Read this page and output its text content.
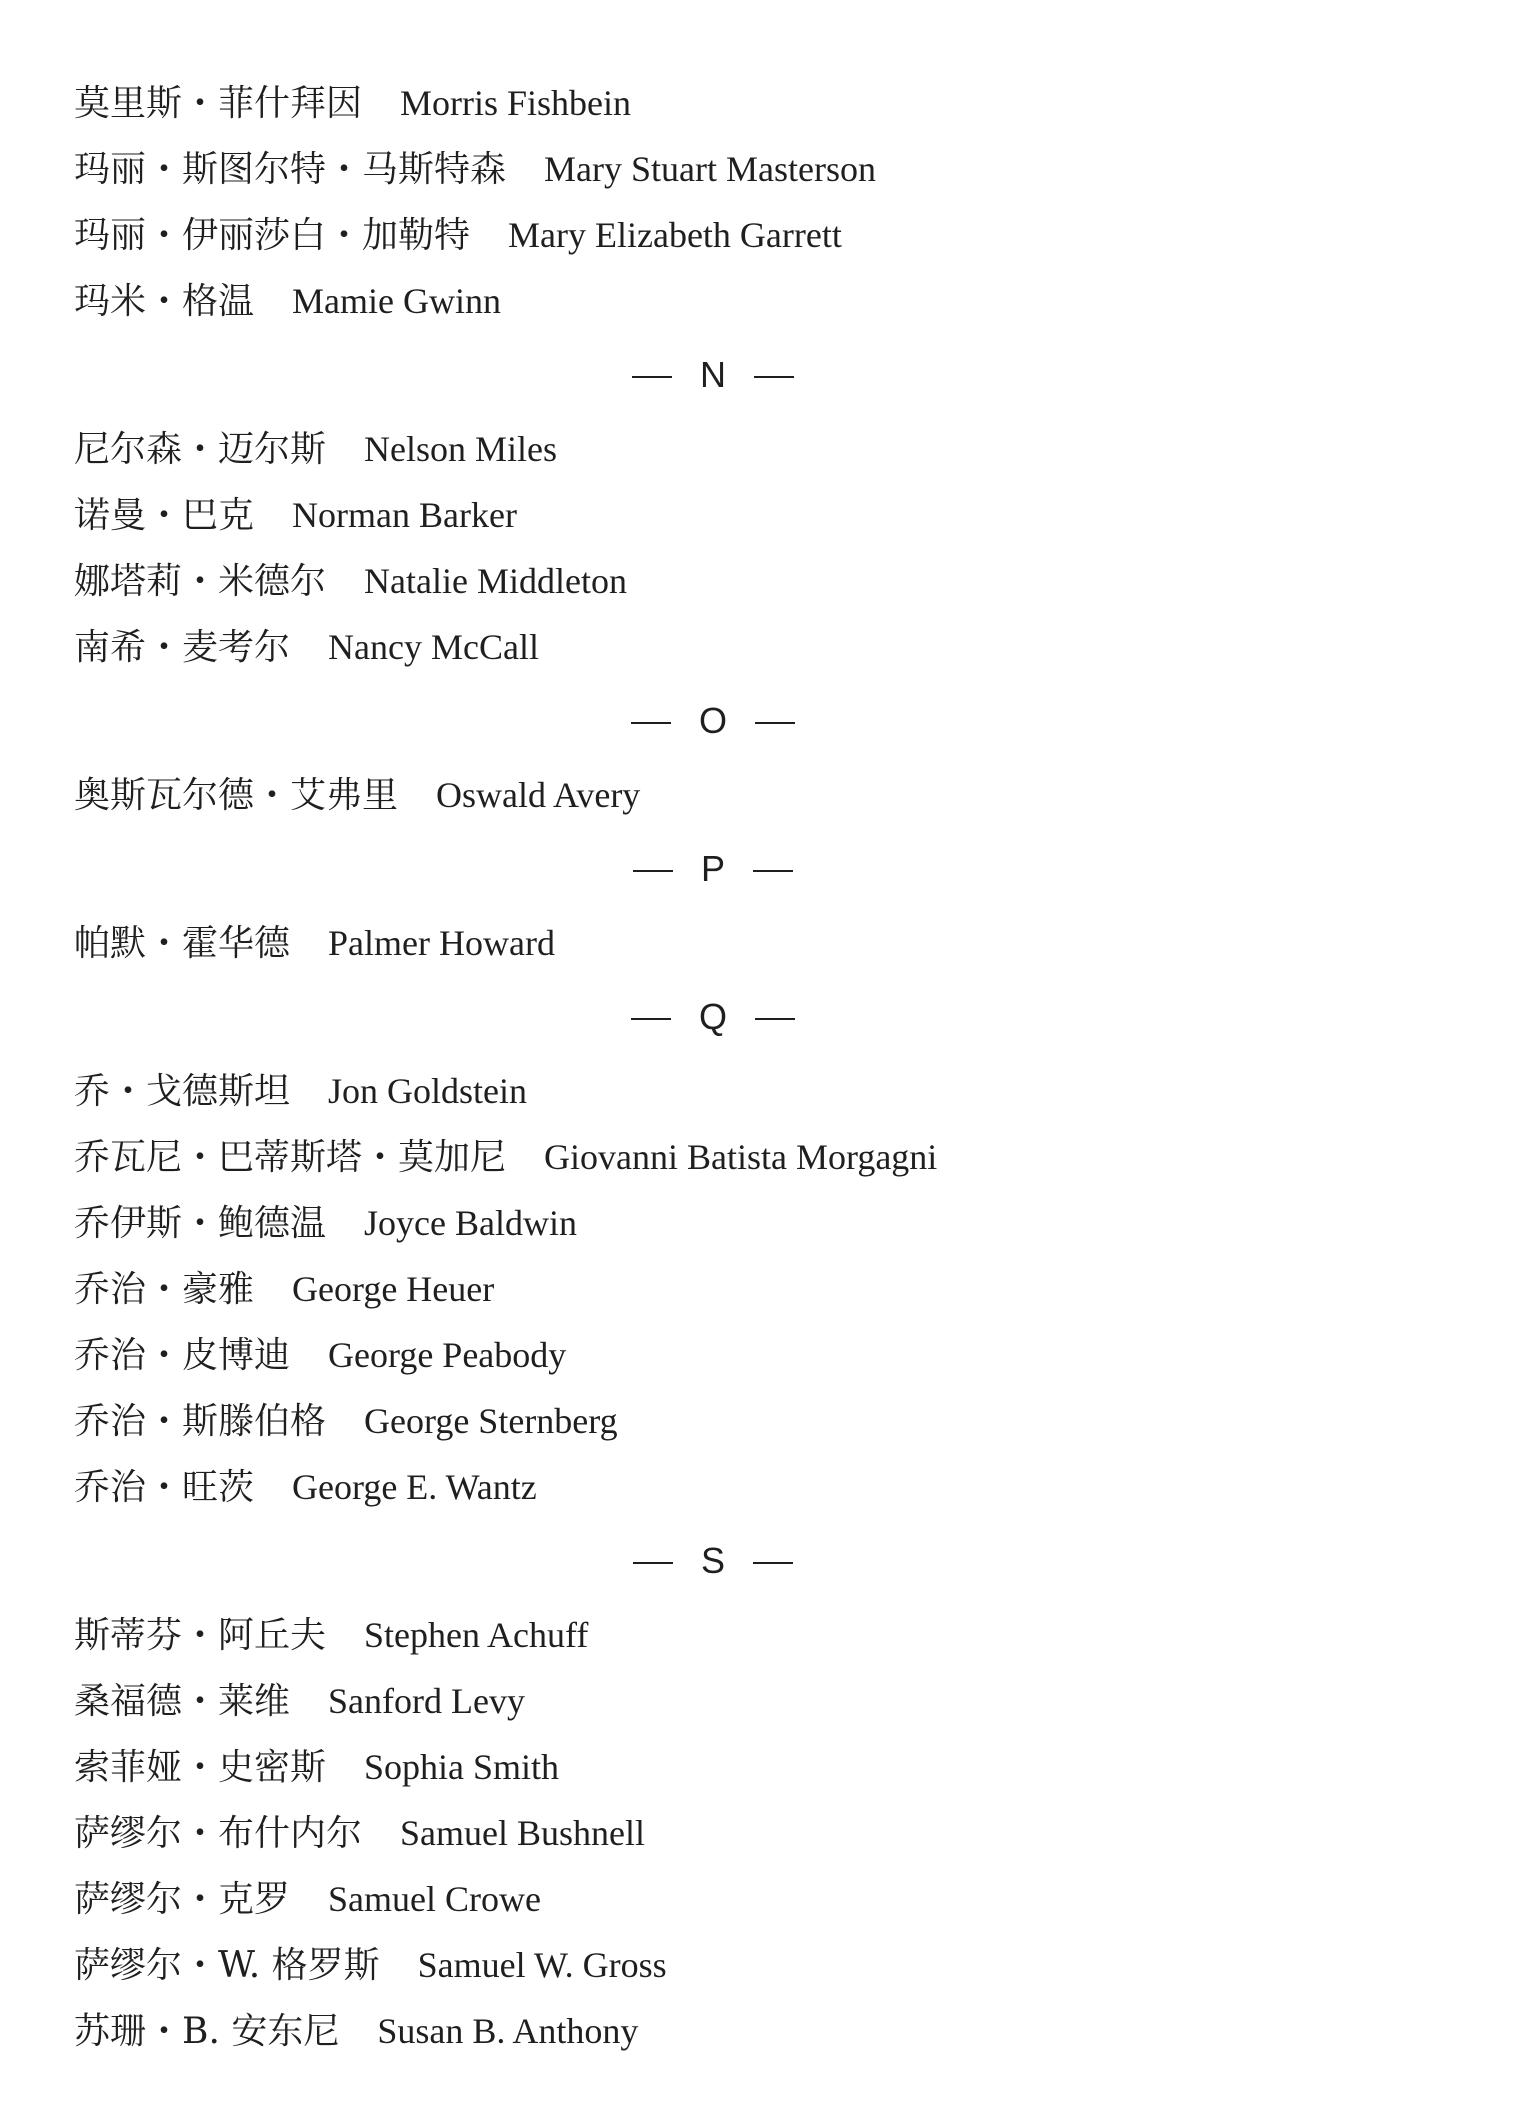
莫里斯・菲什拜因 Morris Fishbein
玛丽・斯图尔特・马斯特森 Mary Stuart Masterson
玛丽・伊丽莎白・加勒特 Mary Elizabeth Garrett
玛米・格温 Mamie Gwinn
N
尼尔森・迈尔斯 Nelson Miles
诺曼・巴克 Norman Barker
娜塔莉・米德尔 Natalie Middleton
南希・麦考尔 Nancy McCall
O
奥斯瓦尔德・艾弗里 Oswald Avery
P
帕默・霍华德 Palmer Howard
Q
乔・戈德斯坦 Jon Goldstein
乔瓦尼・巴蒂斯塔・莫加尼 Giovanni Batista Morgagni
乔伊斯・鲍德温 Joyce Baldwin
乔治・豪雅 George Heuer
乔治・皮博迪 George Peabody
乔治・斯滕伯格 George Sternberg
乔治・旺茨 George E. Wantz
S
斯蒂芬・阿丘夫 Stephen Achuff
桑福德・莱维 Sanford Levy
索菲娅・史密斯 Sophia Smith
萨缪尔・布什内尔 Samuel Bushnell
萨缪尔・克罗 Samuel Crowe
萨缪尔・W. 格罗斯 Samuel W. Gross
苏珊・B. 安东尼 Susan B. Anthony
